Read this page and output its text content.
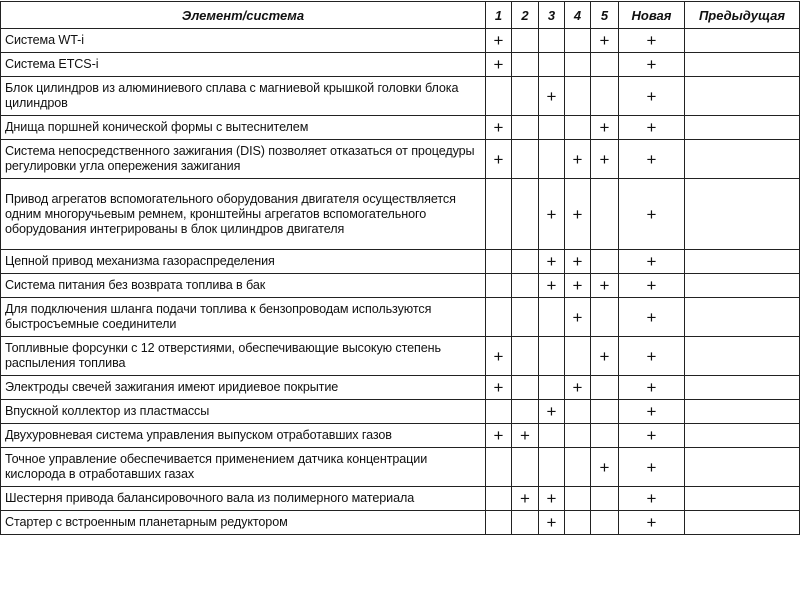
Элемент/система	1	2	3	4	5	Новая	Предыдущая
Система WT-i	+				+	+	
Система ETCS-i	+					+	
Блок цилиндров из алюминиевого сплава с магниевой крышкой головки блока цилиндров			+			+	
Днища поршней конической формы с вытеснителем	+				+	+	
Система непосредственного зажигания (DIS) позволяет отказаться от процедуры регулировки угла опережения зажигания	+			+	+	+	
Привод агрегатов вспомогательного оборудования двигателя осуществляется одним многоручьевым ремнем, кронштейны агрегатов вспомогательного оборудования интегрированы в блок цилиндров двигателя			+	+		+	
Цепной привод механизма газораспределения			+	+		+	
Система питания без возврата топлива в бак			+	+	+	+	
Для подключения шланга подачи топлива к бензопроводам используются быстросъемные соединители				+		+	
Топливные форсунки с 12 отверстиями, обеспечивающие высокую степень распыления топлива	+				+	+	
Электроды свечей зажигания имеют иридиевое покрытие	+			+		+	
Впускной коллектор из пластмассы			+			+	
Двухуровневая система управления выпуском отработавших газов	+	+				+	
Точное управление обеспечивается применением датчика концентрации кислорода в отработавших газах					+	+	
Шестерня привода балансировочного вала из полимерного материала		+	+			+	
Стартер с встроенным планетарным редуктором			+			+	
